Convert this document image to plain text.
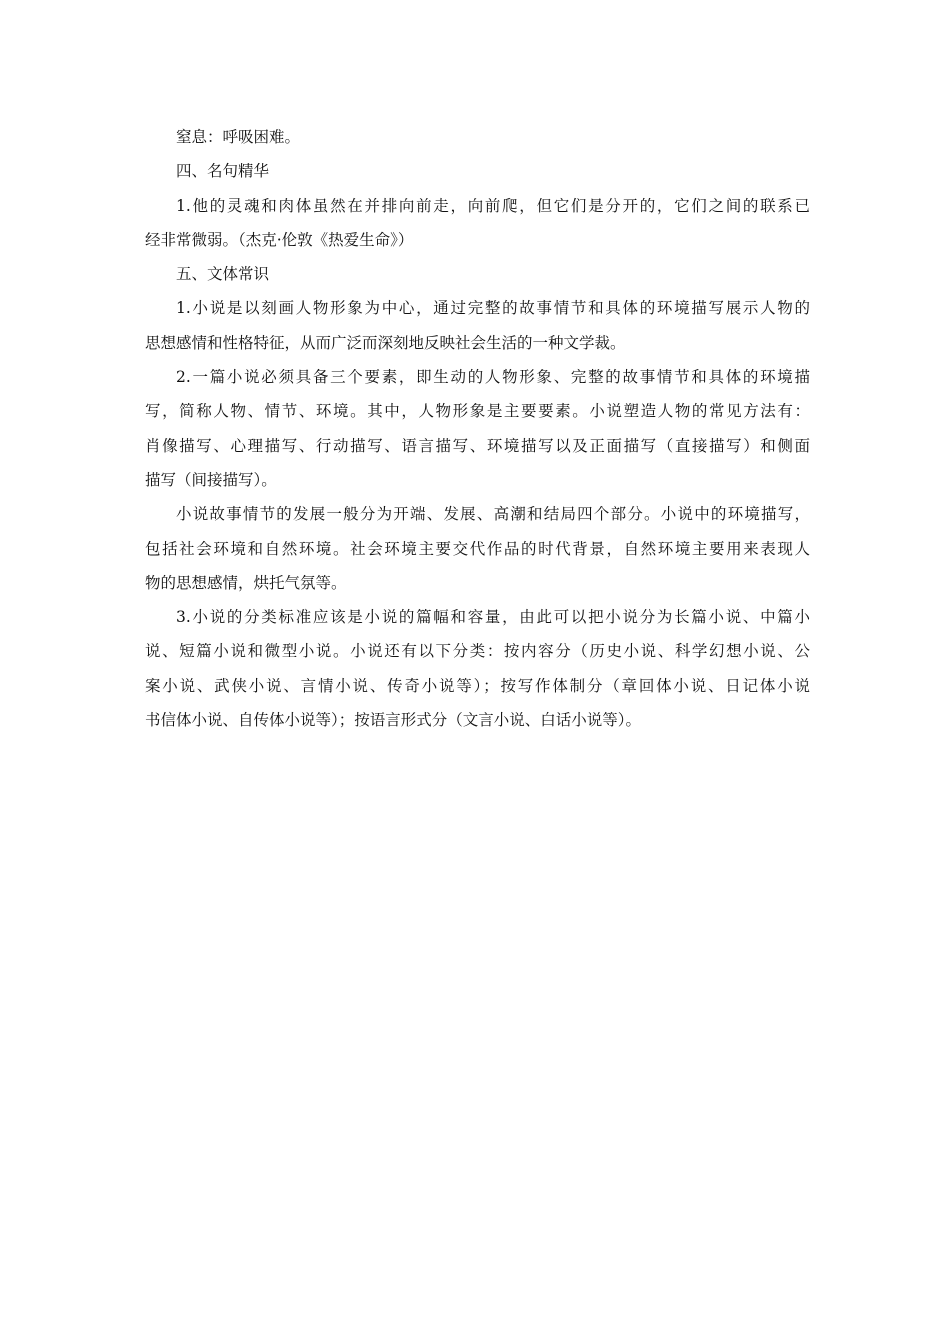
窒息：呼吸困难。
四、名句精华
1.他的灵魂和肉体虽然在并排向前走，向前爬，但它们是分开的，它们之间的联系已
经非常微弱。（杰克·伦敦《热爱生命》）
五、文体常识
1.小说是以刻画人物形象为中心，通过完整的故事情节和具体的环境描写展示人物的
思想感情和性格特征，从而广泛而深刻地反映社会生活的一种文学裁。
2.一篇小说必须具备三个要素，即生动的人物形象、完整的故事情节和具体的环境描
写，简称人物、情节、环境。其中，人物形象是主要要素。小说塑造人物的常见方法有：
肖像描写、心理描写、行动描写、语言描写、环境描写以及正面描写（直接描写）和侧面
描写（间接描写）。
小说故事情节的发展一般分为开端、发展、高潮和结局四个部分。小说中的环境描写，
包括社会环境和自然环境。社会环境主要交代作品的时代背景，自然环境主要用来表现人
物的思想感情，烘托气氛等。
3.小说的分类标准应该是小说的篇幅和容量，由此可以把小说分为长篇小说、中篇小
说、短篇小说和微型小说。小说还有以下分类：按内容分（历史小说、科学幻想小说、公
案小说、武侠小说、言情小说、传奇小说等）；按写作体制分（章回体小说、日记体小说
书信体小说、自传体小说等）；按语言形式分（文言小说、白话小说等）。
